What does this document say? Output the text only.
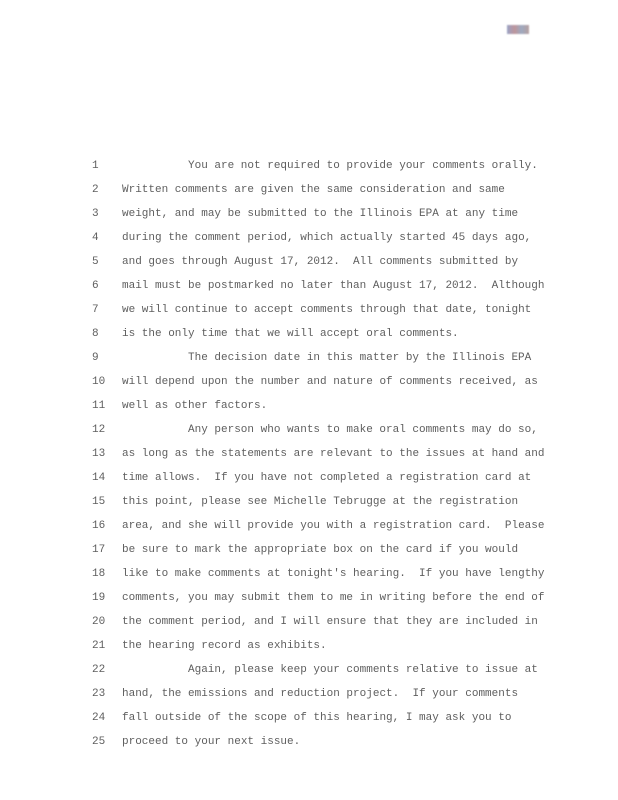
1	You are not required to provide your comments orally.
2 Written comments are given the same consideration and same
3 weight, and may be submitted to the Illinois EPA at any time
4 during the comment period, which actually started 45 days ago,
5 and goes through August 17, 2012.  All comments submitted by
6 mail must be postmarked no later than August 17, 2012.  Although
7 we will continue to accept comments through that date, tonight
8 is the only time that we will accept oral comments.
9	The decision date in this matter by the Illinois EPA
10 will depend upon the number and nature of comments received, as
11 well as other factors.
12	Any person who wants to make oral comments may do so,
13 as long as the statements are relevant to the issues at hand and
14 time allows.  If you have not completed a registration card at
15 this point, please see Michelle Tebrugge at the registration
16 area, and she will provide you with a registration card.  Please
17 be sure to mark the appropriate box on the card if you would
18 like to make comments at tonight's hearing.  If you have lengthy
19 comments, you may submit them to me in writing before the end of
20 the comment period, and I will ensure that they are included in
21 the hearing record as exhibits.
22	Again, please keep your comments relative to issue at
23 hand, the emissions and reduction project.  If your comments
24 fall outside of the scope of this hearing, I may ask you to
25 proceed to your next issue.
